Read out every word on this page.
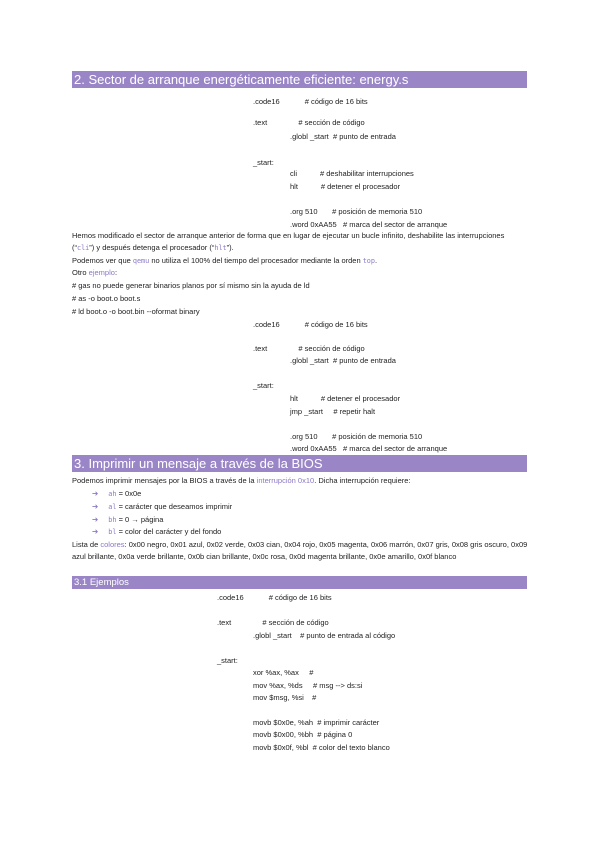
2. Sector de arranque energéticamente eficiente: energy.s
.code16            # código de 16 bits
.text               # sección de código
.globl _start  # punto de entrada
_start:
cli           # deshabilitar interrupciones
hlt           # detener el procesador
.org 510       # posición de memoria 510
.word 0xAA55   # marca del sector de arranque
Hemos modificado el sector de arranque anterior de forma que en lugar de ejecutar un bucle infinito, deshabilite las interrupciones (“cli”) y después detenga el procesador (“hlt”).
Podemos ver que qemu no utiliza el 100% del tiempo del procesador mediante la orden top.
Otro ejemplo:
# gas no puede generar binarios planos por sí mismo sin la ayuda de ld
# as -o boot.o boot.s
# ld boot.o -o boot.bin --oformat binary
.code16            # código de 16 bits
.text               # sección de código
.globl _start  # punto de entrada
_start:
hlt           # detener el procesador
jmp _start     # repetir halt
.org 510       # posición de memoria 510
.word 0xAA55   # marca del sector de arranque
3. Imprimir un mensaje a través de la BIOS
Podemos imprimir mensajes por la BIOS a través de la interrupción 0x10. Dicha interrupción requiere:
➔ ah = 0x0e
➔ al = carácter que deseamos imprimir
➔ bh = 0 → página
➔ bl = color del carácter y del fondo
Lista de colores: 0x00 negro, 0x01 azul, 0x02 verde, 0x03 cian, 0x04 rojo, 0x05 magenta, 0x06 marrón, 0x07 gris, 0x08 gris oscuro, 0x09 azul brillante, 0x0a verde brillante, 0x0b cian brillante, 0x0c rosa, 0x0d magenta brillante, 0x0e amarillo, 0x0f blanco
3.1 Ejemplos
.code16            # código de 16 bits
.text               # sección de código
.globl _start    # punto de entrada al código
_start:
xor %ax, %ax     #
mov %ax, %ds     # msg --> ds:si
mov $msg, %si    #
movb $0x0e, %ah  # imprimir carácter
movb $0x00, %bh  # página 0
movb $0x0f, %bl  # color del texto blanco
